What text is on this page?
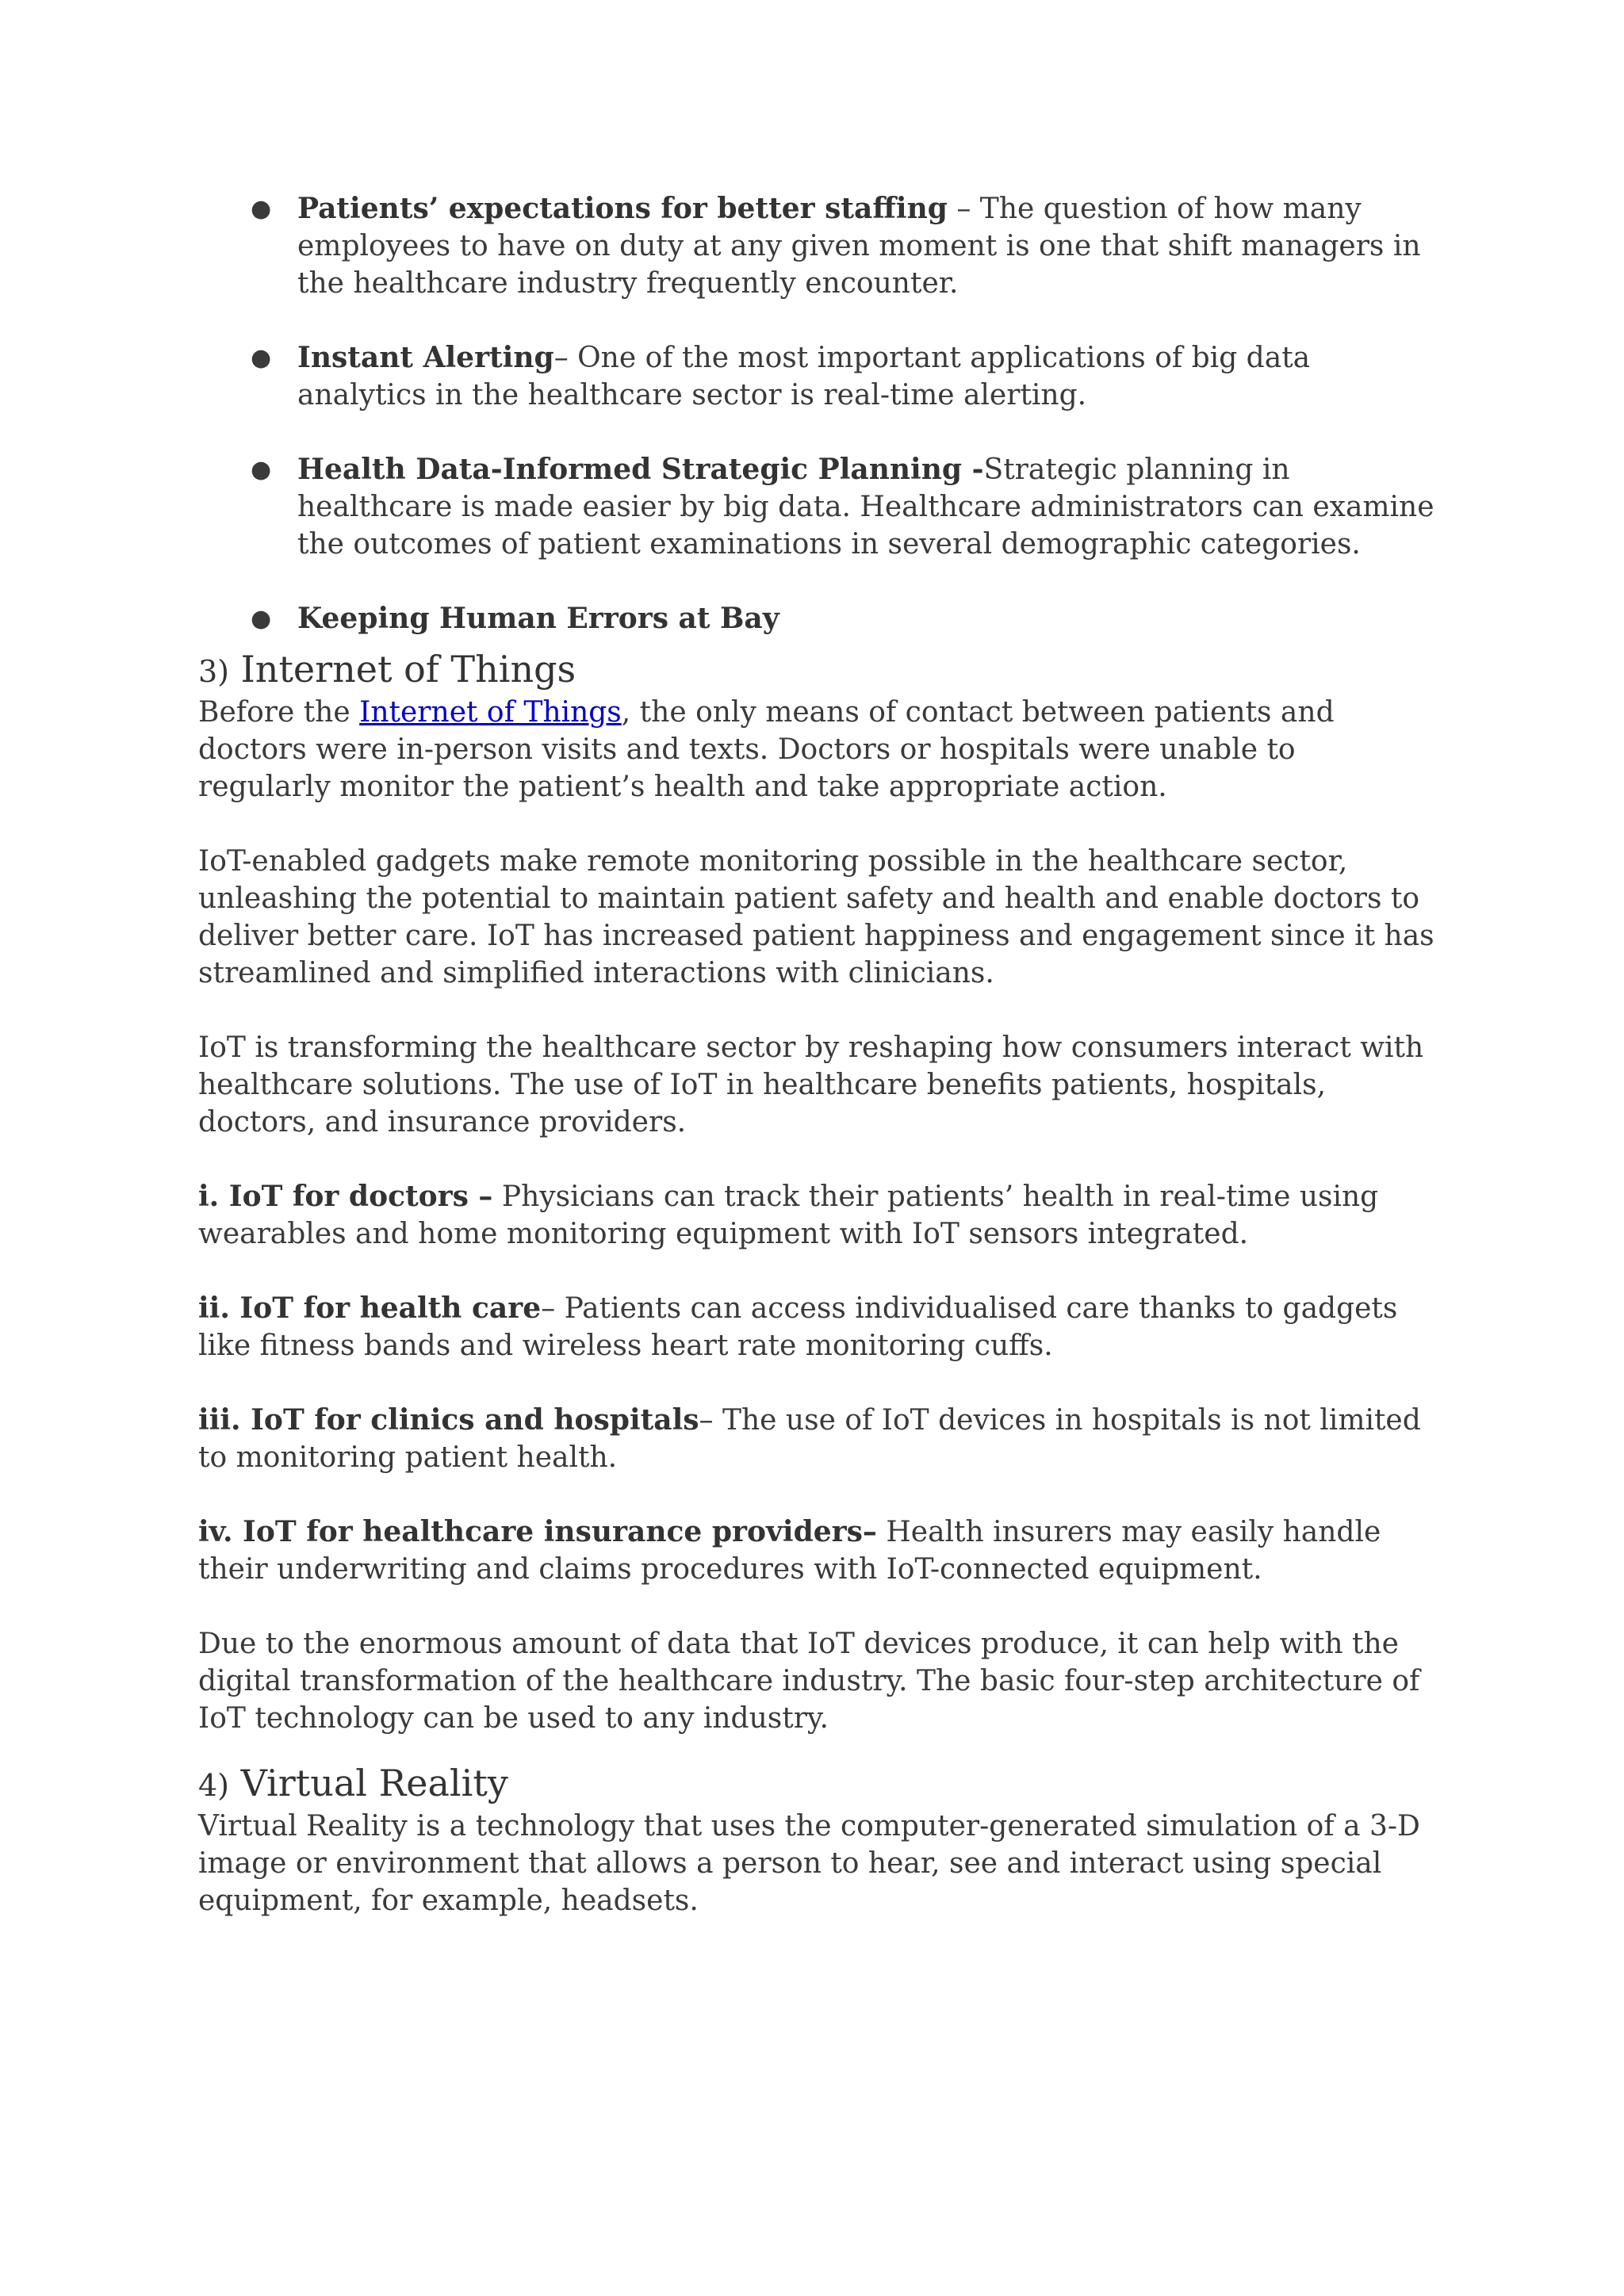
● Patients’ expectations for better staffing – The question of how many employees to have on duty at any given moment is one that shift managers in the healthcare industry frequently encounter.
● Instant Alerting– One of the most important applications of big data analytics in the healthcare sector is real-time alerting.
● Health Data-Informed Strategic Planning -Strategic planning in healthcare is made easier by big data. Healthcare administrators can examine the outcomes of patient examinations in several demographic categories.
● Keeping Human Errors at Bay
3) Internet of Things

Before the Internet of Things, the only means of contact between patients and doctors were in-person visits and texts. Doctors or hospitals were unable to regularly monitor the patient’s health and take appropriate action.

IoT-enabled gadgets make remote monitoring possible in the healthcare sector, unleashing the potential to maintain patient safety and health and enable doctors to deliver better care. IoT has increased patient happiness and engagement since it has streamlined and simplified interactions with clinicians.

IoT is transforming the healthcare sector by reshaping how consumers interact with healthcare solutions. The use of IoT in healthcare benefits patients, hospitals, doctors, and insurance providers.

i. IoT for doctors – Physicians can track their patients’ health in real-time using wearables and home monitoring equipment with IoT sensors integrated.

ii. IoT for health care– Patients can access individualised care thanks to gadgets like fitness bands and wireless heart rate monitoring cuffs.

iii. IoT for clinics and hospitals– The use of IoT devices in hospitals is not limited to monitoring patient health.

iv. IoT for healthcare insurance providers– Health insurers may easily handle their underwriting and claims procedures with IoT-connected equipment.

Due to the enormous amount of data that IoT devices produce, it can help with the digital transformation of the healthcare industry. The basic four-step architecture of IoT technology can be used to any industry.

4) Virtual Reality

Virtual Reality is a technology that uses the computer-generated simulation of a 3-D image or environment that allows a person to hear, see and interact using special equipment, for example, headsets.
